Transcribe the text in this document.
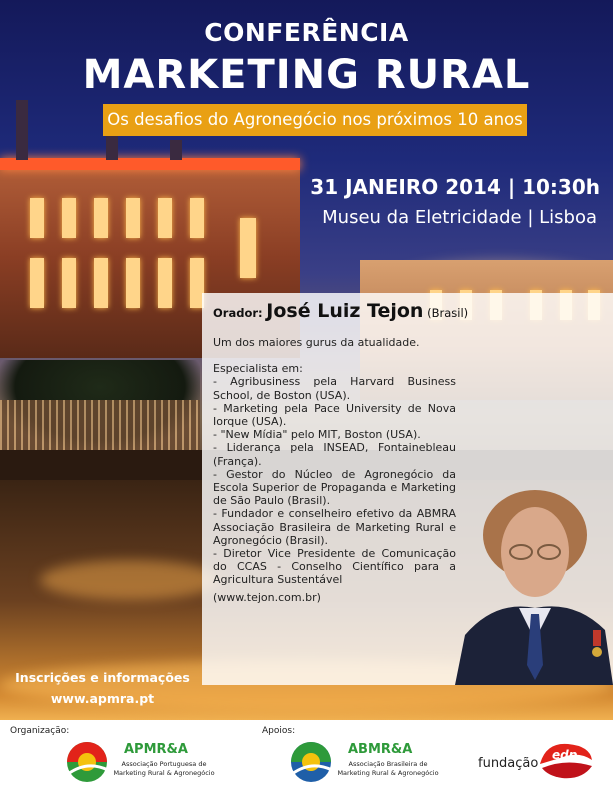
CONFERÊNCIA
MARKETING RURAL
Os desafios do Agronegócio nos próximos 10 anos
31 JANEIRO 2014 | 10:30h
Museu da Eletricidade | Lisboa
Orador: José Luiz Tejon (Brasil)

Um dos maiores gurus da atualidade.

Especialista em:

- Agribusiness pela Harvard Business School, de Boston (USA).

- Marketing pela Pace University de Nova Iorque (USA).

- "New Mídia" pelo MIT, Boston (USA).

- Liderança pela INSEAD, Fontainebleau (França).

- Gestor do Núcleo de Agronegócio da Escola Superior de Propaganda e Marketing de São Paulo (Brasil).

- Fundador e conselheiro efetivo da ABMRA Associação Brasileira de Marketing Rural e Agronegócio (Brasil).

- Diretor Vice Presidente de Comunicação do CCAS - Conselho Científico para a Agricultura Sustentável

(www.tejon.com.br)

Inscrições e informações
www.apmra.pt
Organização:	Apoios:
APMR&A
Associação Portuguesa de
Marketing Rural & Agronegócio
ABMR&A
Associação Brasileira de
Marketing Rural & Agronegócio
fundação
edp
